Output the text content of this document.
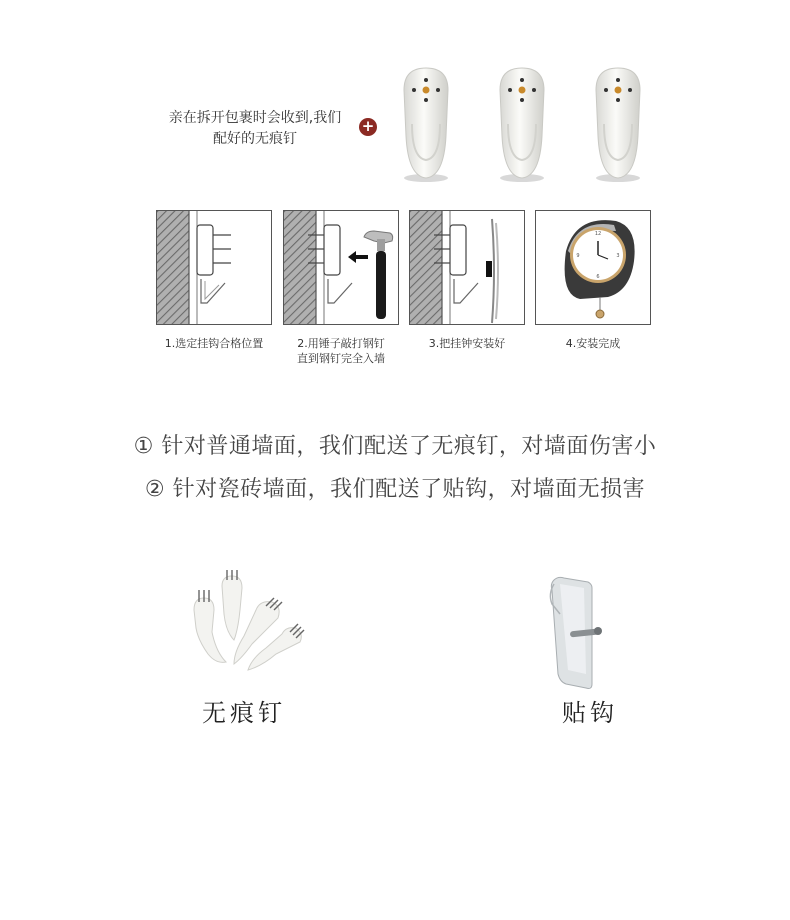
亲在拆开包裹时会收到,我们
配好的无痕钉
+
12
3
6
9
1.选定挂钩合格位置	2.用锤子敲打钢钉
直到钢钉完全入墙
3.把挂钟安装好	4.安装完成
① 针对普通墙面，我们配送了无痕钉，对墙面伤害小
② 针对瓷砖墙面，我们配送了贴钩，对墙面无损害
无痕钉	贴钩
